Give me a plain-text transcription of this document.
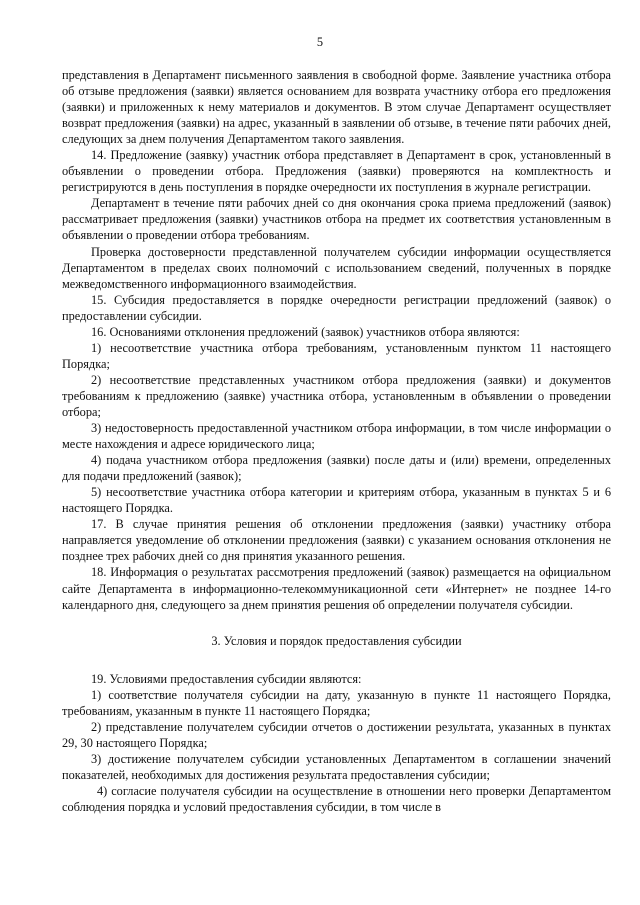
5

представления в Департамент письменного заявления в свободной форме. Заявление участника отбора об отзыве предложения (заявки) является основанием для возврата участнику отбора его предложения (заявки) и приложенных к нему материалов и документов. В этом случае Департамент осуществляет возврат предложения (заявки) на адрес, указанный в заявлении об отзыве, в течение пяти рабочих дней, следующих за днем получения Департаментом такого заявления.

14. Предложение (заявку) участник отбора представляет в Департамент в срок, установленный в объявлении о проведении отбора. Предложения (заявки) проверяются на комплектность и регистрируются в день поступления в порядке очередности их поступления в журнале регистрации.

Департамент в течение пяти рабочих дней со дня окончания срока приема предложений (заявок) рассматривает предложения (заявки) участников отбора на предмет их соответствия установленным в объявлении о проведении отбора требованиям.

Проверка достоверности представленной получателем субсидии информации осуществляется Департаментом в пределах своих полномочий с использованием сведений, полученных в порядке межведомственного информационного взаимодействия.

15. Субсидия предоставляется в порядке очередности регистрации предложений (заявок) о предоставлении субсидии.

16. Основаниями отклонения предложений (заявок) участников отбора являются:

1) несоответствие участника отбора требованиям, установленным пунктом 11 настоящего Порядка;

2) несоответствие представленных участником отбора предложения (заявки) и документов требованиям к предложению (заявке) участника отбора, установленным в объявлении о проведении отбора;

3) недостоверность предоставленной участником отбора информации, в том числе информации о месте нахождения и адресе юридического лица;

4) подача участником отбора предложения (заявки) после даты и (или) времени, определенных для подачи предложений (заявок);

5) несоответствие участника отбора категории и критериям отбора, указанным в пунктах 5 и 6 настоящего Порядка.

17. В случае принятия решения об отклонении предложения (заявки) участнику отбора направляется уведомление об отклонении предложения (заявки) с указанием основания отклонения не позднее трех рабочих дней со дня принятия указанного решения.

18. Информация о результатах рассмотрения предложений (заявок) размещается на официальном сайте Департамента в информационно-телекоммуникационной сети «Интернет» не позднее 14-го календарного дня, следующего за днем принятия решения об определении получателя субсидии.

3. Условия и порядок предоставления субсидии

19. Условиями предоставления субсидии являются:

1) соответствие получателя субсидии на дату, указанную в пункте 11 настоящего Порядка, требованиям, указанным в пункте 11 настоящего Порядка;

2) представление получателем субсидии отчетов о достижении результата, указанных в пунктах 29, 30 настоящего Порядка;

3) достижение получателем субсидии установленных Департаментом в соглашении значений показателей, необходимых для достижения результата предоставления субсидии;

4) согласие получателя субсидии на осуществление в отношении него проверки Департаментом соблюдения порядка и условий предоставления субсидии, в том числе в
